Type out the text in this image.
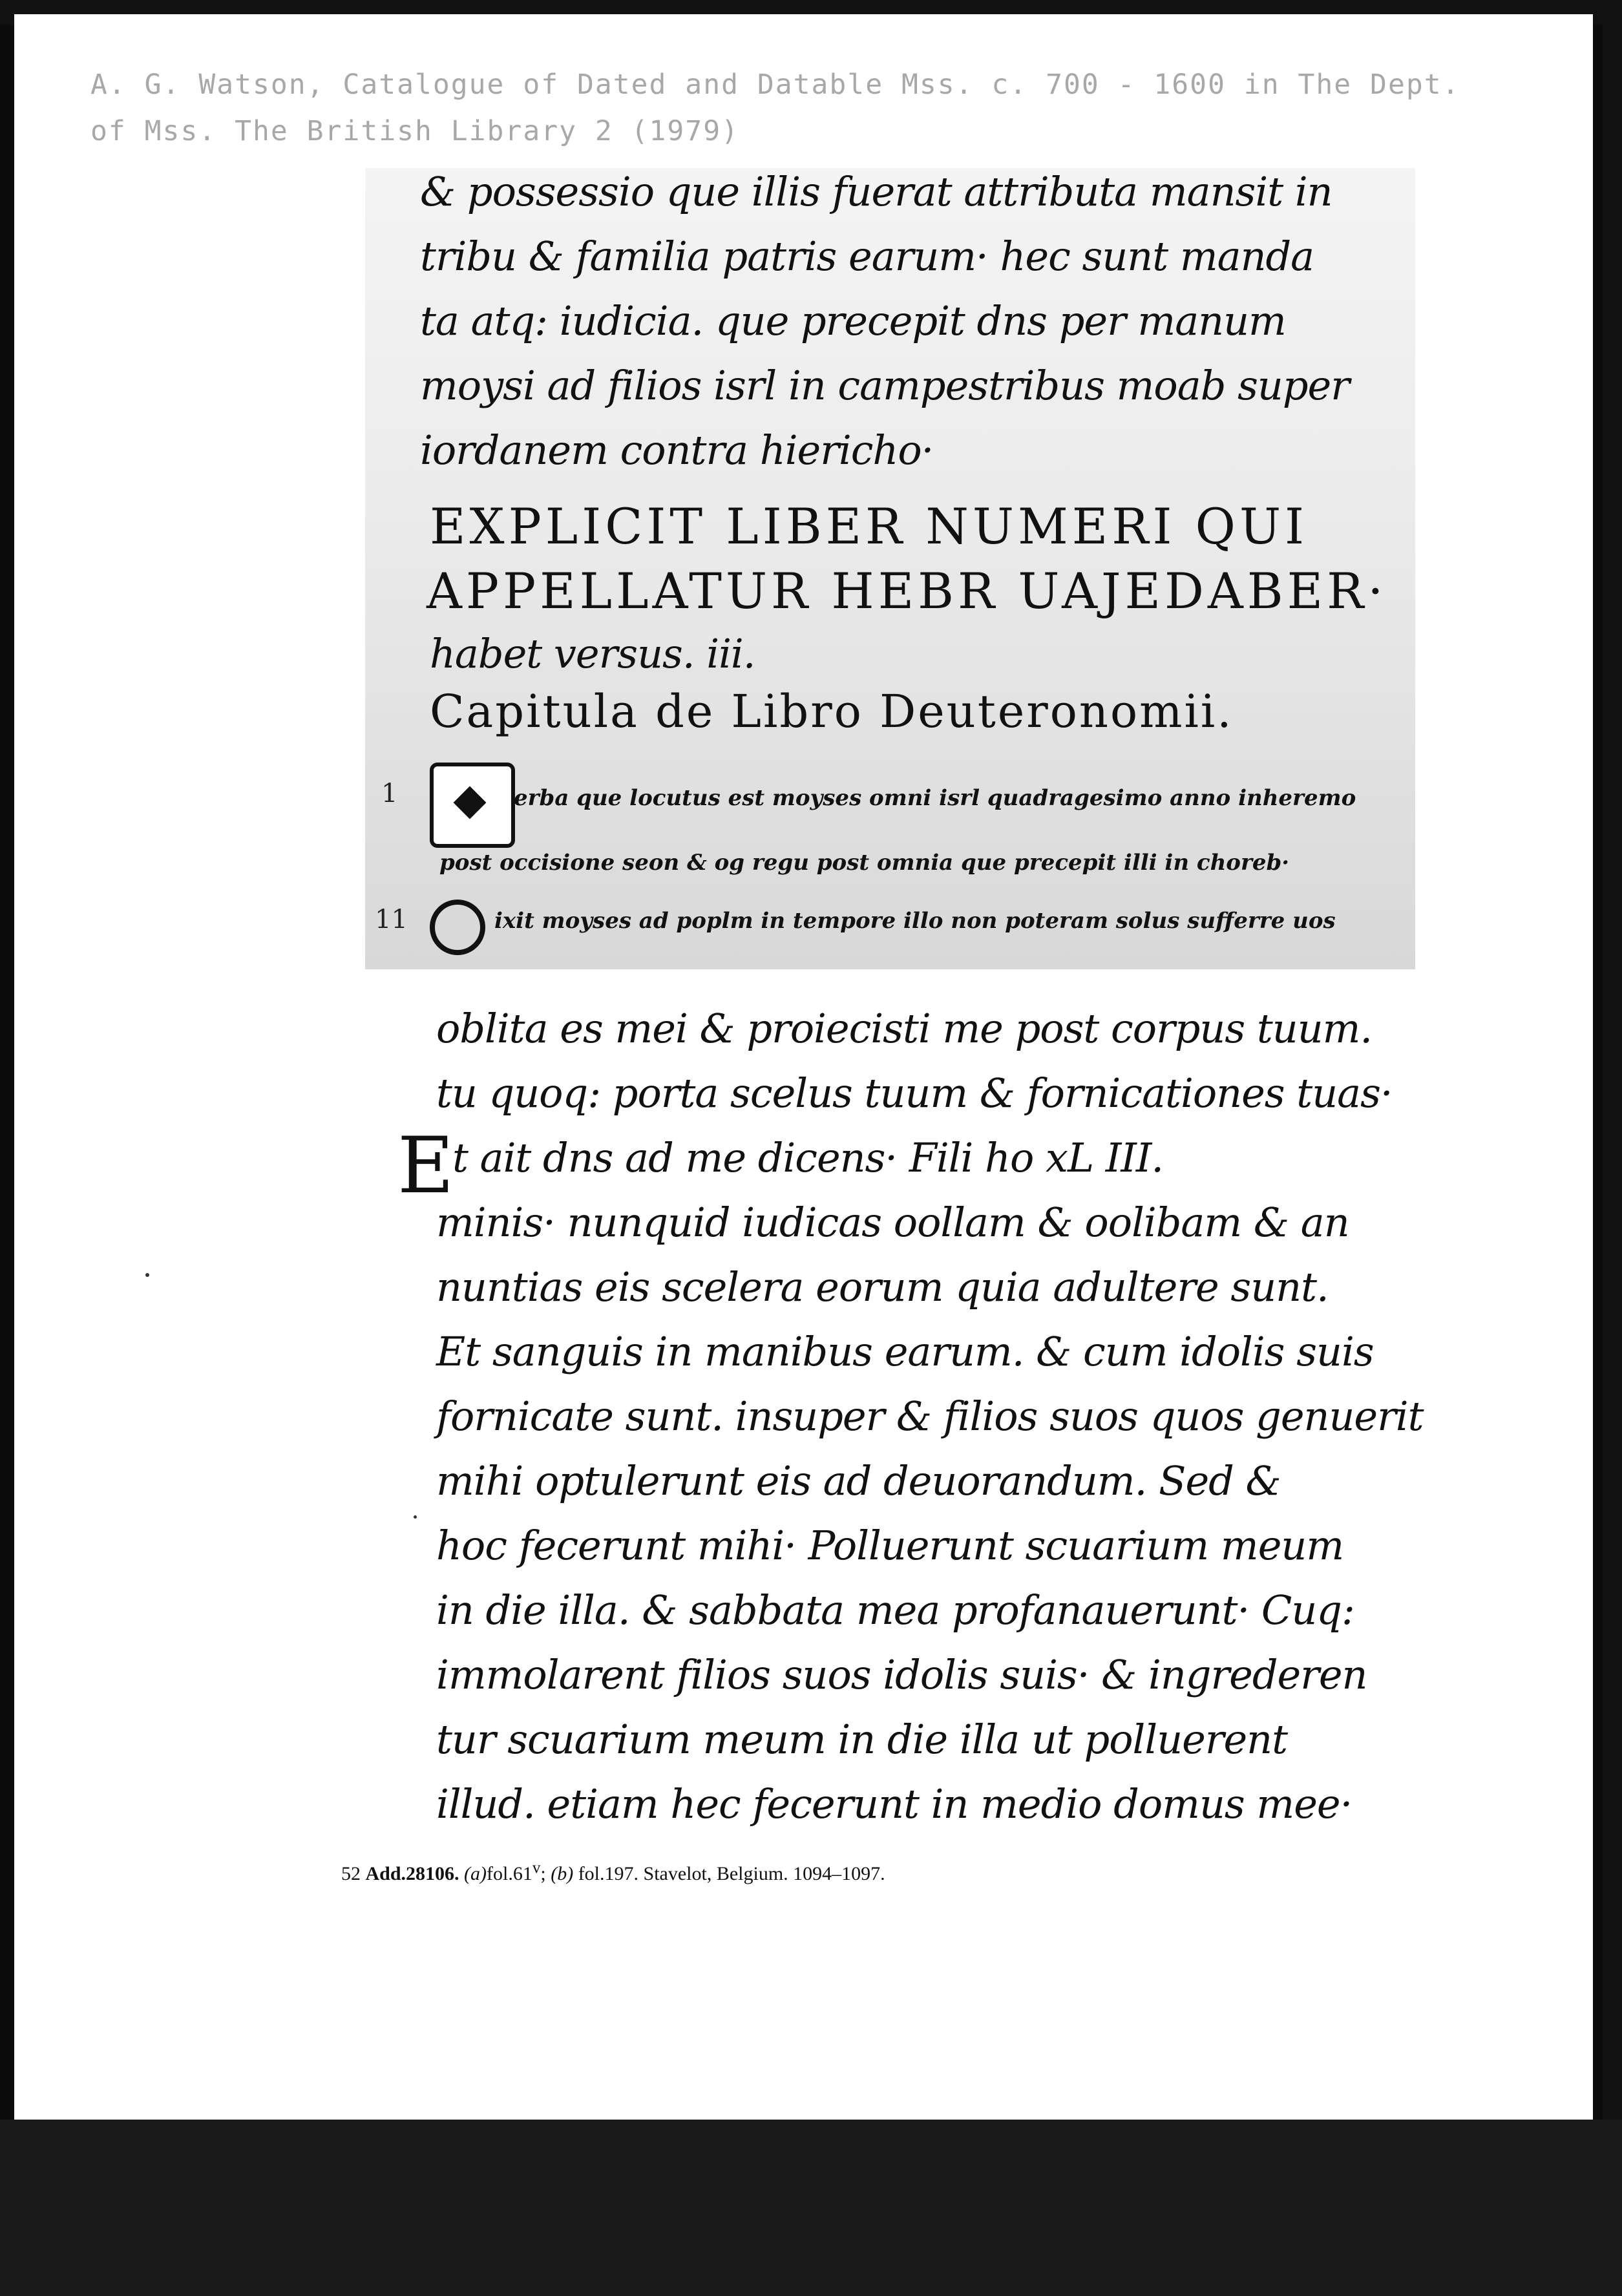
A. G. Watson, Catalogue of Dated and Datable Mss. c. 700 - 1600 in The Dept.
of Mss. The British Library 2 (1979)
& possessio que illis fuerat attributa mansit in
tribu & familia patris earum· hec sunt manda
ta atq: iudicia. que precepit dns per manum
moysi ad filios isrl in campestribus moab super
iordanem contra hiericho·
EXPLICIT LIBER NUMERI QUI
APPELLATUR HEBR UAJEDABER·
habet versus. iii.
Capitula de Libro Deuteronomii.
1	erba que locutus est moyses omni isrl quadragesimo anno inheremo
post occisione seon & og regu post omnia que precepit illi in choreb·
11	ixit moyses ad poplm in tempore illo non poteram solus sufferre uos
oblita es mei & proiecisti me post corpus tuum.
tu quoq: porta scelus tuum & fornicationes tuas·
E
t ait dns ad me dicens· Fili ho xL III.
minis· nunquid iudicas oollam & oolibam & an
nuntias eis scelera eorum quia adultere sunt.
Et sanguis in manibus earum. & cum idolis suis
fornicate sunt. insuper & filios suos quos genuerit
mihi optulerunt eis ad deuorandum. Sed &
hoc fecerunt mihi· Polluerunt scuarium meum
in die illa. & sabbata mea profanauerunt· Cuq:
immolarent filios suos idolis suis· & ingrederen
tur scuarium meum in die illa ut polluerent
illud. etiam hec fecerunt in medio domus mee·
52 Add.28106. (a)fol.61$^v$; (b) fol.197. Stavelot, Belgium. 1094–1097.
